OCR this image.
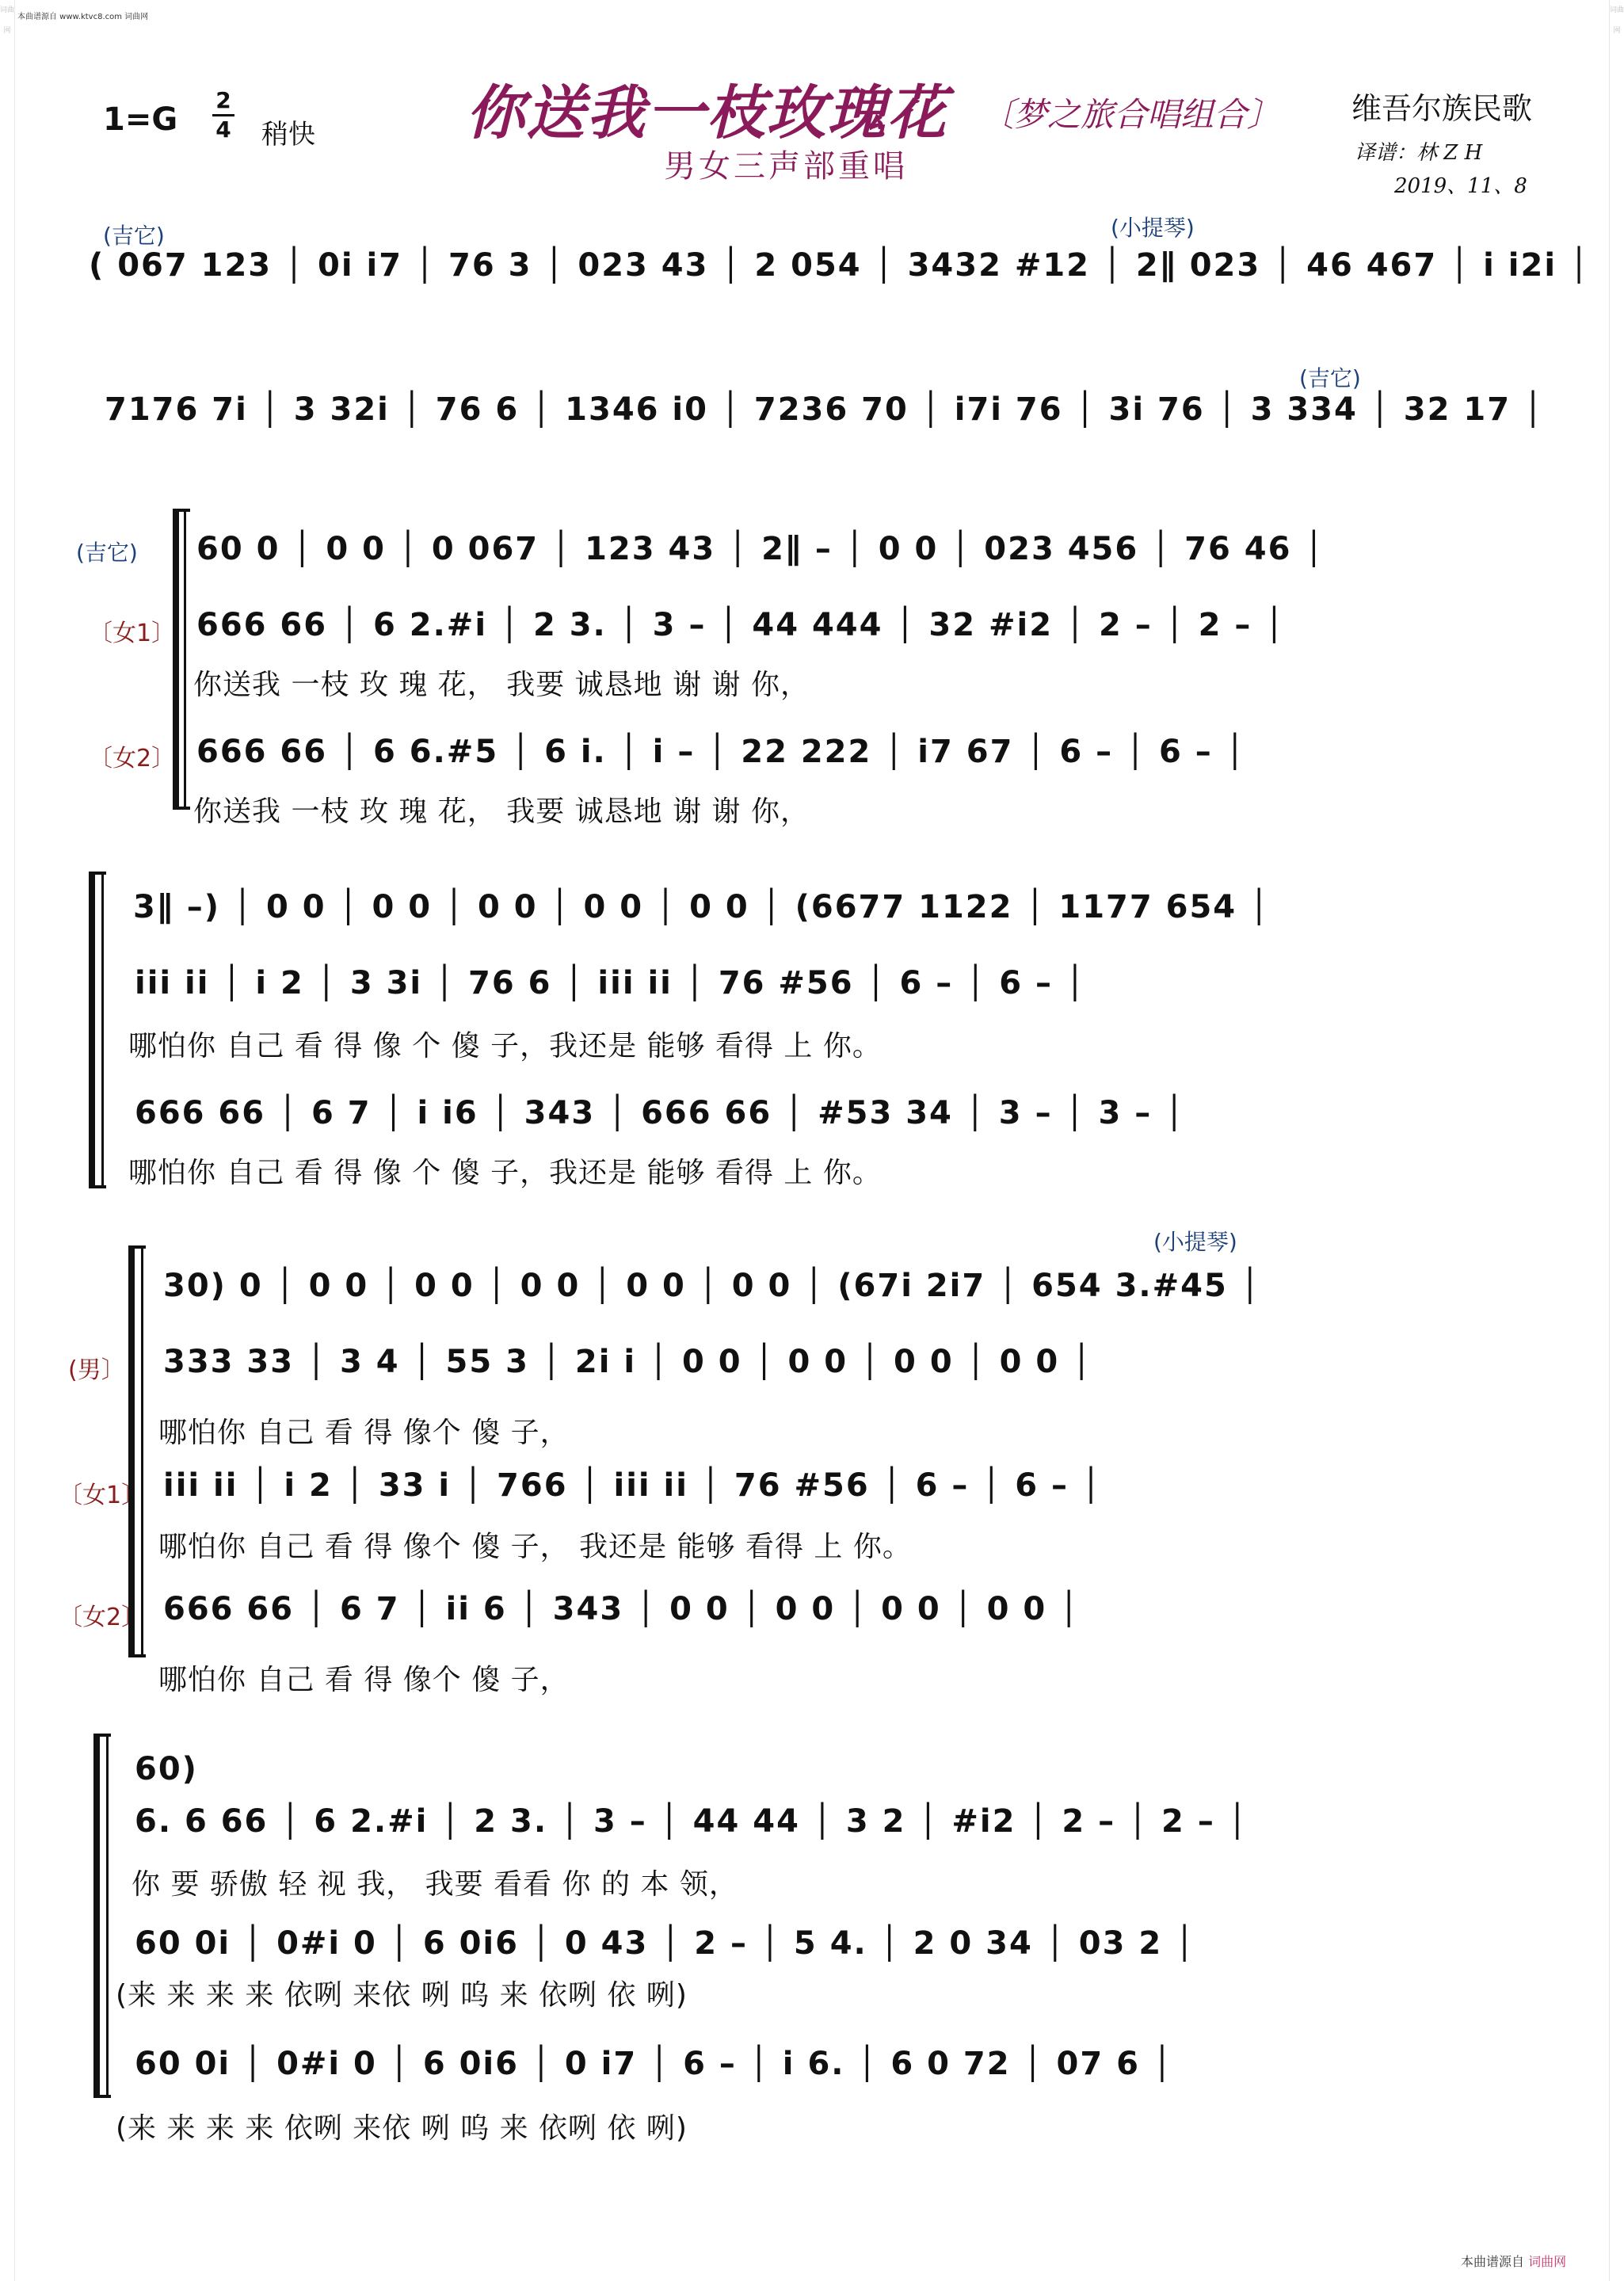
词曲网
词曲网
本曲谱源自 www.ktvc8.com 词曲网
1=G
2
4 稍快	你送我一枝玫瑰花 〔梦之旅合唱组合〕
男女三声部重唱
维吾尔族民歌
译谱：林 Z H
2019、11、8
(吉它)	(小提琴)
( 067 123 │ 0i i7 │ 76 3 │ 023 43 │ 2 054 │ 3432 #12 │ 2∥ 023 │ 46 467 │ i i2i │
(吉它)
7176 7i │ 3 32i │ 76 6 │ 1346 i0 │ 7236 70 │ i7i 76 │ 3i 76 │ 3 334 │ 32 17 │
(吉它) 60 0 │ 0 0 │ 0 067 │ 123 43 │ 2∥ – │ 0 0 │ 023 456 │ 76 46 │
〔女1〕 666 66 │ 6 2.#i │ 2 3. │ 3 – │ 44 444 │ 32 #i2 │ 2 – │ 2 – │
你送我 一枝 玫 瑰 花， 我要 诚恳地 谢 谢 你，
〔女2〕 666 66 │ 6 6.#5 │ 6 i. │ i – │ 22 222 │ i7 67 │ 6 – │ 6 – │
你送我 一枝 玫 瑰 花， 我要 诚恳地 谢 谢 你，
3∥ –) │ 0 0 │ 0 0 │ 0 0 │ 0 0 │ 0 0 │ (6677 1122 │ 1177 654 │
iii ii │ i 2 │ 3 3i │ 76 6 │ iii ii │ 76 #56 │ 6 – │ 6 – │
哪怕你 自己 看 得 像 个 傻 子，我还是 能够 看得 上 你。
666 66 │ 6 7 │ i i6 │ 343 │ 666 66 │ #53 34 │ 3 – │ 3 – │
哪怕你 自己 看 得 像 个 傻 子，我还是 能够 看得 上 你。
(小提琴)
30) 0 │ 0 0 │ 0 0 │ 0 0 │ 0 0 │ 0 0 │ (67i 2i7 │ 654 3.#45 │
(男〕 333 33 │ 3 4 │ 55 3 │ 2i i │ 0 0 │ 0 0 │ 0 0 │ 0 0 │
哪怕你 自己 看 得 像个 傻 子，
〔女1〕 iii ii │ i 2 │ 33 i │ 766 │ iii ii │ 76 #56 │ 6 – │ 6 – │
哪怕你 自己 看 得 像个 傻 子， 我还是 能够 看得 上 你。
〔女2〕 666 66 │ 6 7 │ ii 6 │ 343 │ 0 0 │ 0 0 │ 0 0 │ 0 0 │
哪怕你 自己 看 得 像个 傻 子，
60)
6. 6 66 │ 6 2.#i │ 2 3. │ 3 – │ 44 44 │ 3 2 │ #i2 │ 2 – │ 2 – │
你 要 骄傲 轻 视 我， 我要 看看 你 的 本 领，
60 0i │ 0#i 0 │ 6 0i6 │ 0 43 │ 2 – │ 5 4. │ 2 0 34 │ 03 2 │
(来 来 来 来 依咧 来依 咧 呜 来 依咧 依 咧)
60 0i │ 0#i 0 │ 6 0i6 │ 0 i7 │ 6 – │ i 6. │ 6 0 72 │ 07 6 │
(来 来 来 来 依咧 来依 咧 呜 来 依咧 依 咧)
本曲谱源自 词曲网
